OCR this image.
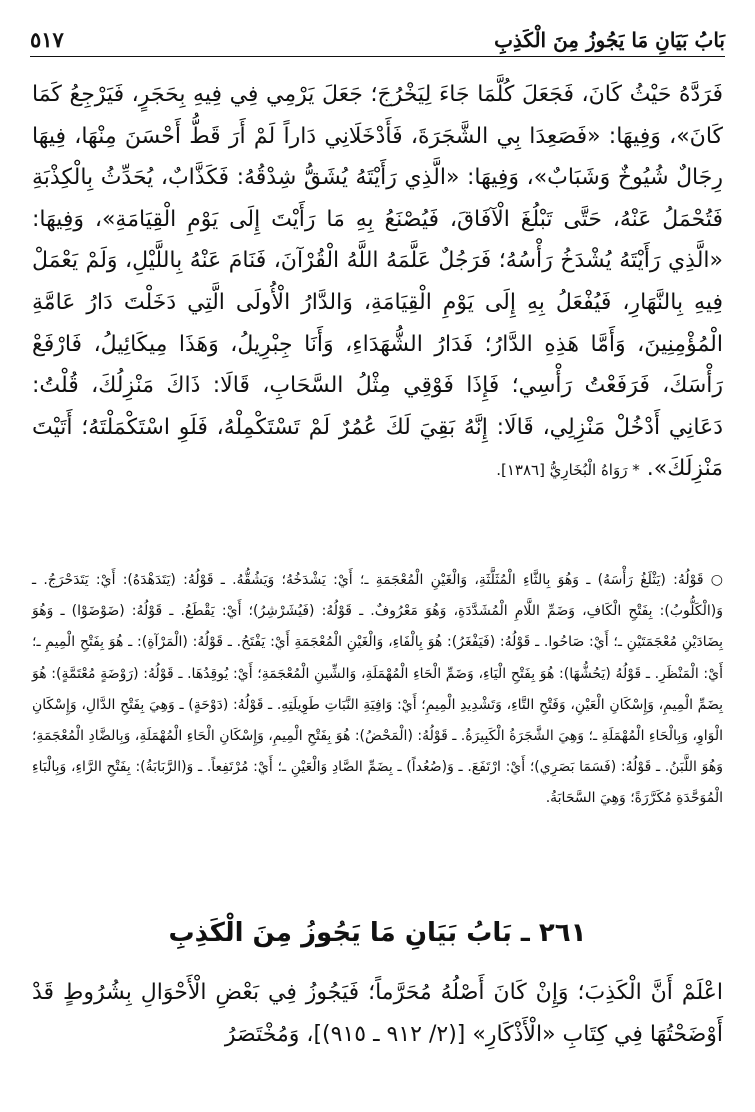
بَابُ بَيَانِ مَا يَجُوزُ مِنَ الْكَذِبِ
٥١٧
فَرَدَّهُ حَيْثُ كَانَ، فَجَعَلَ كُلَّمَا جَاءَ لِيَخْرُجَ؛ جَعَلَ يَرْمِي فِي فِيهِ بِحَجَرٍ، فَيَرْجِعُ كَمَا كَانَ»، وَفِيهَا: «فَصَعِدَا بِي الشَّجَرَةَ، فَأَدْخَلَانِي دَاراً لَمْ أَرَ قَطُّ أَحْسَنَ مِنْهَا، فِيهَا رِجَالٌ شُيُوخٌ وَشَبَابٌ»، وَفِيهَا: «الَّذِي رَأَيْتَهُ يُشَقُّ شِدْقُهُ: فَكَذَّابٌ، يُحَدِّثُ بِالْكِذْبَةِ فَتُحْمَلُ عَنْهُ، حَتَّى تَبْلُغَ الْآفَاقَ، فَيُصْنَعُ بِهِ مَا رَأَيْتَ إِلَى يَوْمِ الْقِيَامَةِ»، وَفِيهَا: «الَّذِي رَأَيْتَهُ يُشْدَخُ رَأْسُهُ؛ فَرَجُلٌ عَلَّمَهُ اللَّهُ الْقُرْآنَ، فَنَامَ عَنْهُ بِاللَّيْلِ، وَلَمْ يَعْمَلْ فِيهِ بِالنَّهَارِ، فَيُفْعَلُ بِهِ إِلَى يَوْمِ الْقِيَامَةِ، وَالدَّارُ الْأُولَى الَّتِي دَخَلْتَ دَارُ عَامَّةِ الْمُؤْمِنِينَ، وَأَمَّا هَذِهِ الدَّارُ؛ فَدَارُ الشُّهَدَاءِ، وَأَنَا جِبْرِيلُ، وَهَذَا مِيكَائِيلُ، فَارْفَعْ رَأْسَكَ، فَرَفَعْتُ رَأْسِي؛ فَإِذَا فَوْقِي مِثْلُ السَّحَابِ، قَالَا: ذَاكَ مَنْزِلُكَ، قُلْتُ: دَعَانِي أَدْخُلْ مَنْزِلِي، قَالَا: إِنَّهُ بَقِيَ لَكَ عُمُرٌ لَمْ تَسْتَكْمِلْهُ، فَلَوِ اسْتَكْمَلْتَهُ؛ أَتَيْتَ مَنْزِلَكَ». * رَوَاهُ الْبُخَارِيُّ [١٣٨٦].
○ قَوْلُهُ: (يَثْلَغُ رَأْسَهُ) ـ وَهُوَ بِالثَّاءِ الْمُثَلَّثَةِ، وَالْغَيْنِ الْمُعْجَمَةِ ـ؛ أَيْ: يَشْدَخُهُ؛ وَيَشُقُّهُ. ـ قَوْلُهُ: (يَتَدَهْدَهُ): أَيْ: يَتَدَحْرَجُ. ـ وَ(الْكَلُّوبُ): بِفَتْحِ الْكَافِ، وَضَمِّ اللَّامِ الْمُشَدَّدَةِ، وَهُوَ مَعْرُوفٌ. ـ قَوْلُهُ: (فَيُشَرْشِرُ)؛ أَيْ: يَقْطَعُ. ـ قَوْلُهُ: (ضَوْضَوْا) ـ وَهُوَ بِضَادَيْنِ مُعْجَمَتَيْنِ ـ؛ أَيْ: صَاحُوا. ـ قَوْلُهُ: (فَيَفْغَرُ): هُوَ بِالْفَاءِ، وَالْغَيْنِ الْمُعْجَمَةِ أَيْ: يَفْتَحُ. ـ قَوْلُهُ: (الْمَرْآةِ): ـ هُوَ بِفَتْحِ الْمِيمِ ـ؛ أَيْ: الْمَنْظَرِ. ـ قَوْلُهُ (يَحُشُّهَا): هُوَ بِفَتْحِ الْيَاءِ، وَضَمِّ الْحَاءِ الْمُهْمَلَةِ، وَالشِّينِ الْمُعْجَمَةِ؛ أَيْ: يُوقِدُهَا. ـ قَوْلُهُ: (رَوْضَةٍ مُعْتَمَّةٍ): هُوَ بِضَمِّ الْمِيمِ، وَإِسْكَانِ الْعَيْنِ، وَفَتْحِ التَّاءِ، وَتَشْدِيدِ الْمِيمِ؛ أَيْ: وَافِيَةِ النَّبَاتِ طَوِيلَتِهِ. ـ قَوْلُهُ: (دَوْحَةٍ) ـ وَهِيَ بِفَتْحِ الدَّالِ، وَإِسْكَانِ الْوَاوِ، وَبِالْحَاءِ الْمُهْمَلَةِ ـ؛ وَهِيَ الشَّجَرَةُ الْكَبِيرَةُ. ـ قَوْلُهُ: (الْمَحْضُ): هُوَ بِفَتْحِ الْمِيمِ، وَإِسْكَانِ الْحَاءِ الْمُهْمَلَةِ، وَبِالضَّادِ الْمُعْجَمَةِ؛ وَهُوَ اللَّبَنُ. ـ قَوْلُهُ: (فَسَمَا بَصَرِي)؛ أَيْ: ارْتَفَعَ. ـ وَ(صُعُداً) ـ بِضَمِّ الصَّادِ وَالْعَيْنِ ـ؛ أَيْ: مُرْتَفِعاً. ـ وَ(الرَّبَابَةُ): بِفَتْحِ الرَّاءِ، وَبِالْبَاءِ الْمُوَحَّدَةِ مُكَرَّرَةً؛ وَهِيَ السَّحَابَةُ.
٢٦١ ـ بَابُ بَيَانِ مَا يَجُوزُ مِنَ الْكَذِبِ
اعْلَمْ أَنَّ الْكَذِبَ؛ وَإِنْ كَانَ أَصْلُهُ مُحَرَّماً؛ فَيَجُوزُ فِي بَعْضِ الْأَحْوَالِ بِشُرُوطٍ قَدْ أَوْضَحْتُهَا فِي كِتَابِ «الْأَذْكَارِ» [(٢/ ٩١٢ ـ ٩١٥)]، وَمُخْتَصَرُ
